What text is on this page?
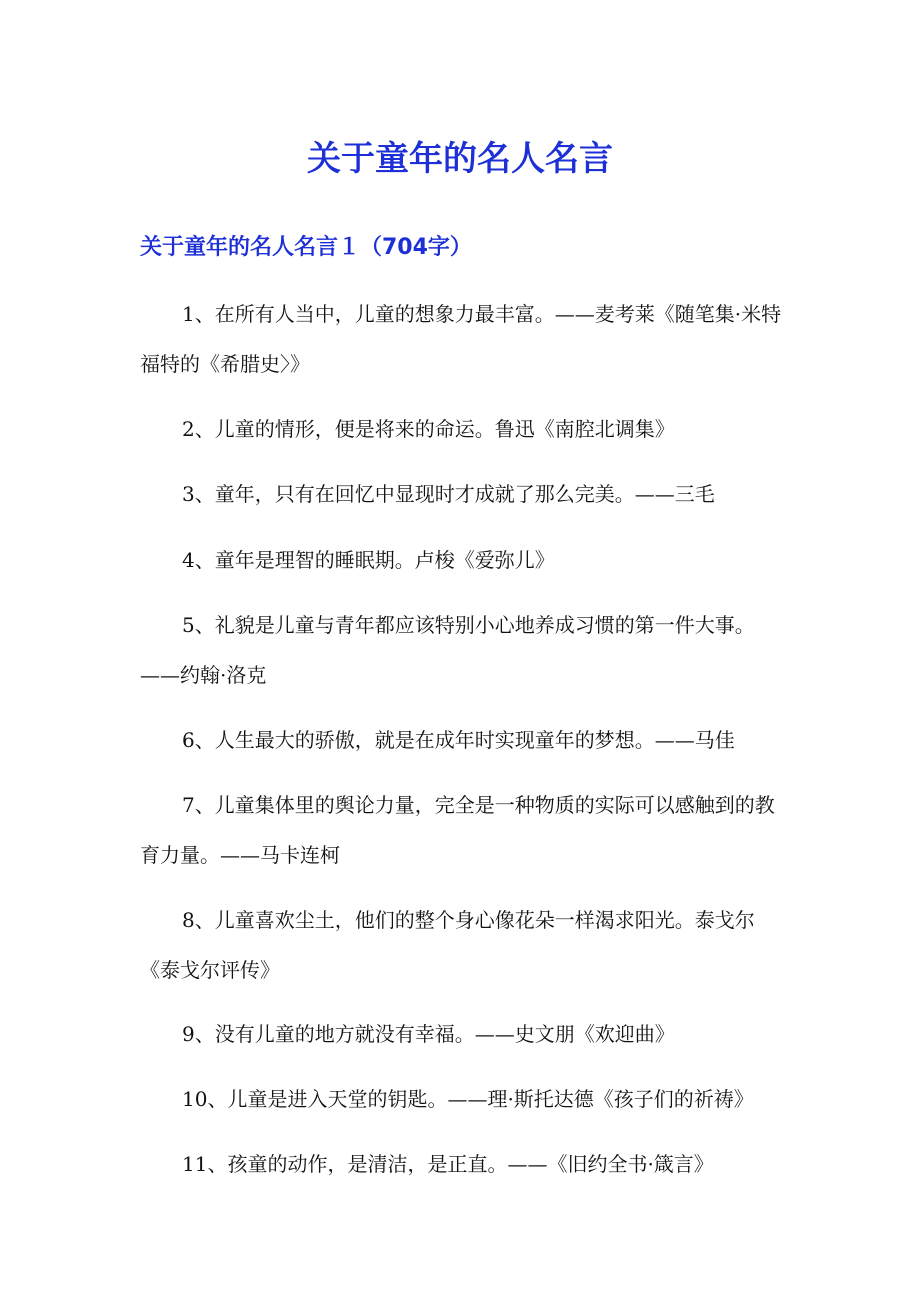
关于童年的名人名言
关于童年的名人名言１（704字）
1、在所有人当中，儿童的想象力最丰富。——麦考莱《随笔集·米特福特的《希腊史〉》
2、儿童的情形，便是将来的命运。鲁迅《南腔北调集》
3、童年，只有在回忆中显现时才成就了那么完美。——三毛
4、童年是理智的睡眠期。卢梭《爱弥儿》
5、礼貌是儿童与青年都应该特别小心地养成习惯的第一件大事。——约翰·洛克
6、人生最大的骄傲，就是在成年时实现童年的梦想。——马佳
7、儿童集体里的舆论力量，完全是一种物质的实际可以感触到的教育力量。——马卡连柯
8、儿童喜欢尘土，他们的整个身心像花朵一样渴求阳光。泰戈尔《泰戈尔评传》
9、没有儿童的地方就没有幸福。——史文朋《欢迎曲》
10、儿童是进入天堂的钥匙。——理·斯托达德《孩子们的祈祷》
11、孩童的动作，是清洁，是正直。——《旧约全书·箴言》
